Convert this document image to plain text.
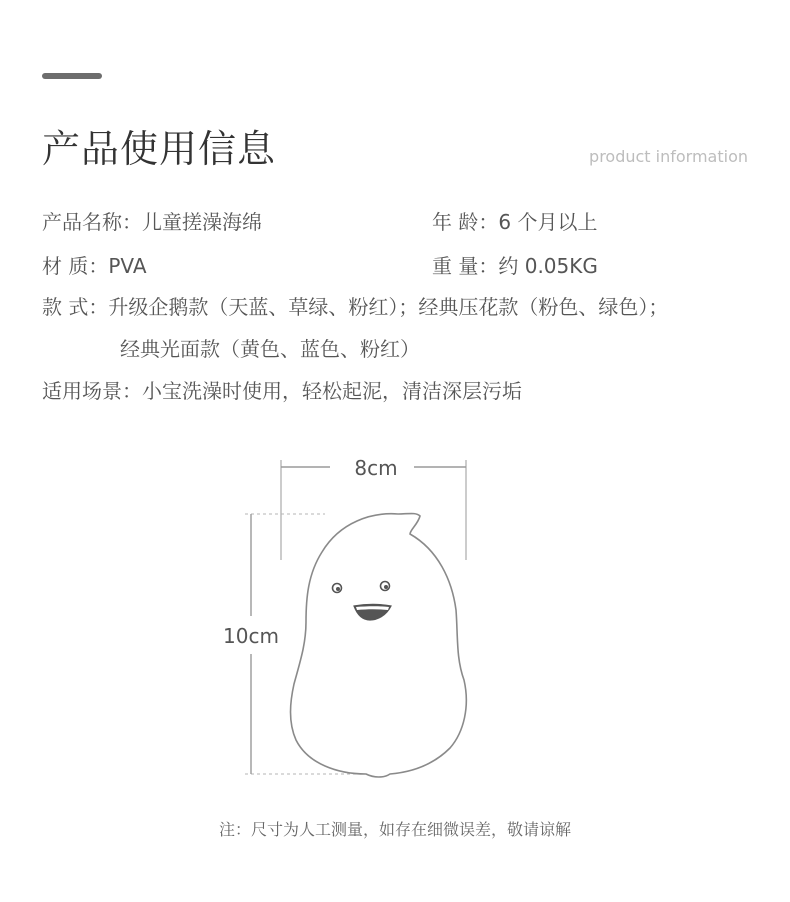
产品使用信息	product information
产品名称：儿童搓澡海绵	年 龄：6 个月以上
材 质：PVA	重 量：约 0.05KG
款 式：升级企鹅款（天蓝、草绿、粉红）；经典压花款（粉色、绿色）；
经典光面款（黄色、蓝色、粉红）
适用场景：小宝洗澡时使用，轻松起泥，清洁深层污垢
8cm
10cm
注：尺寸为人工测量，如存在细微误差，敬请谅解
